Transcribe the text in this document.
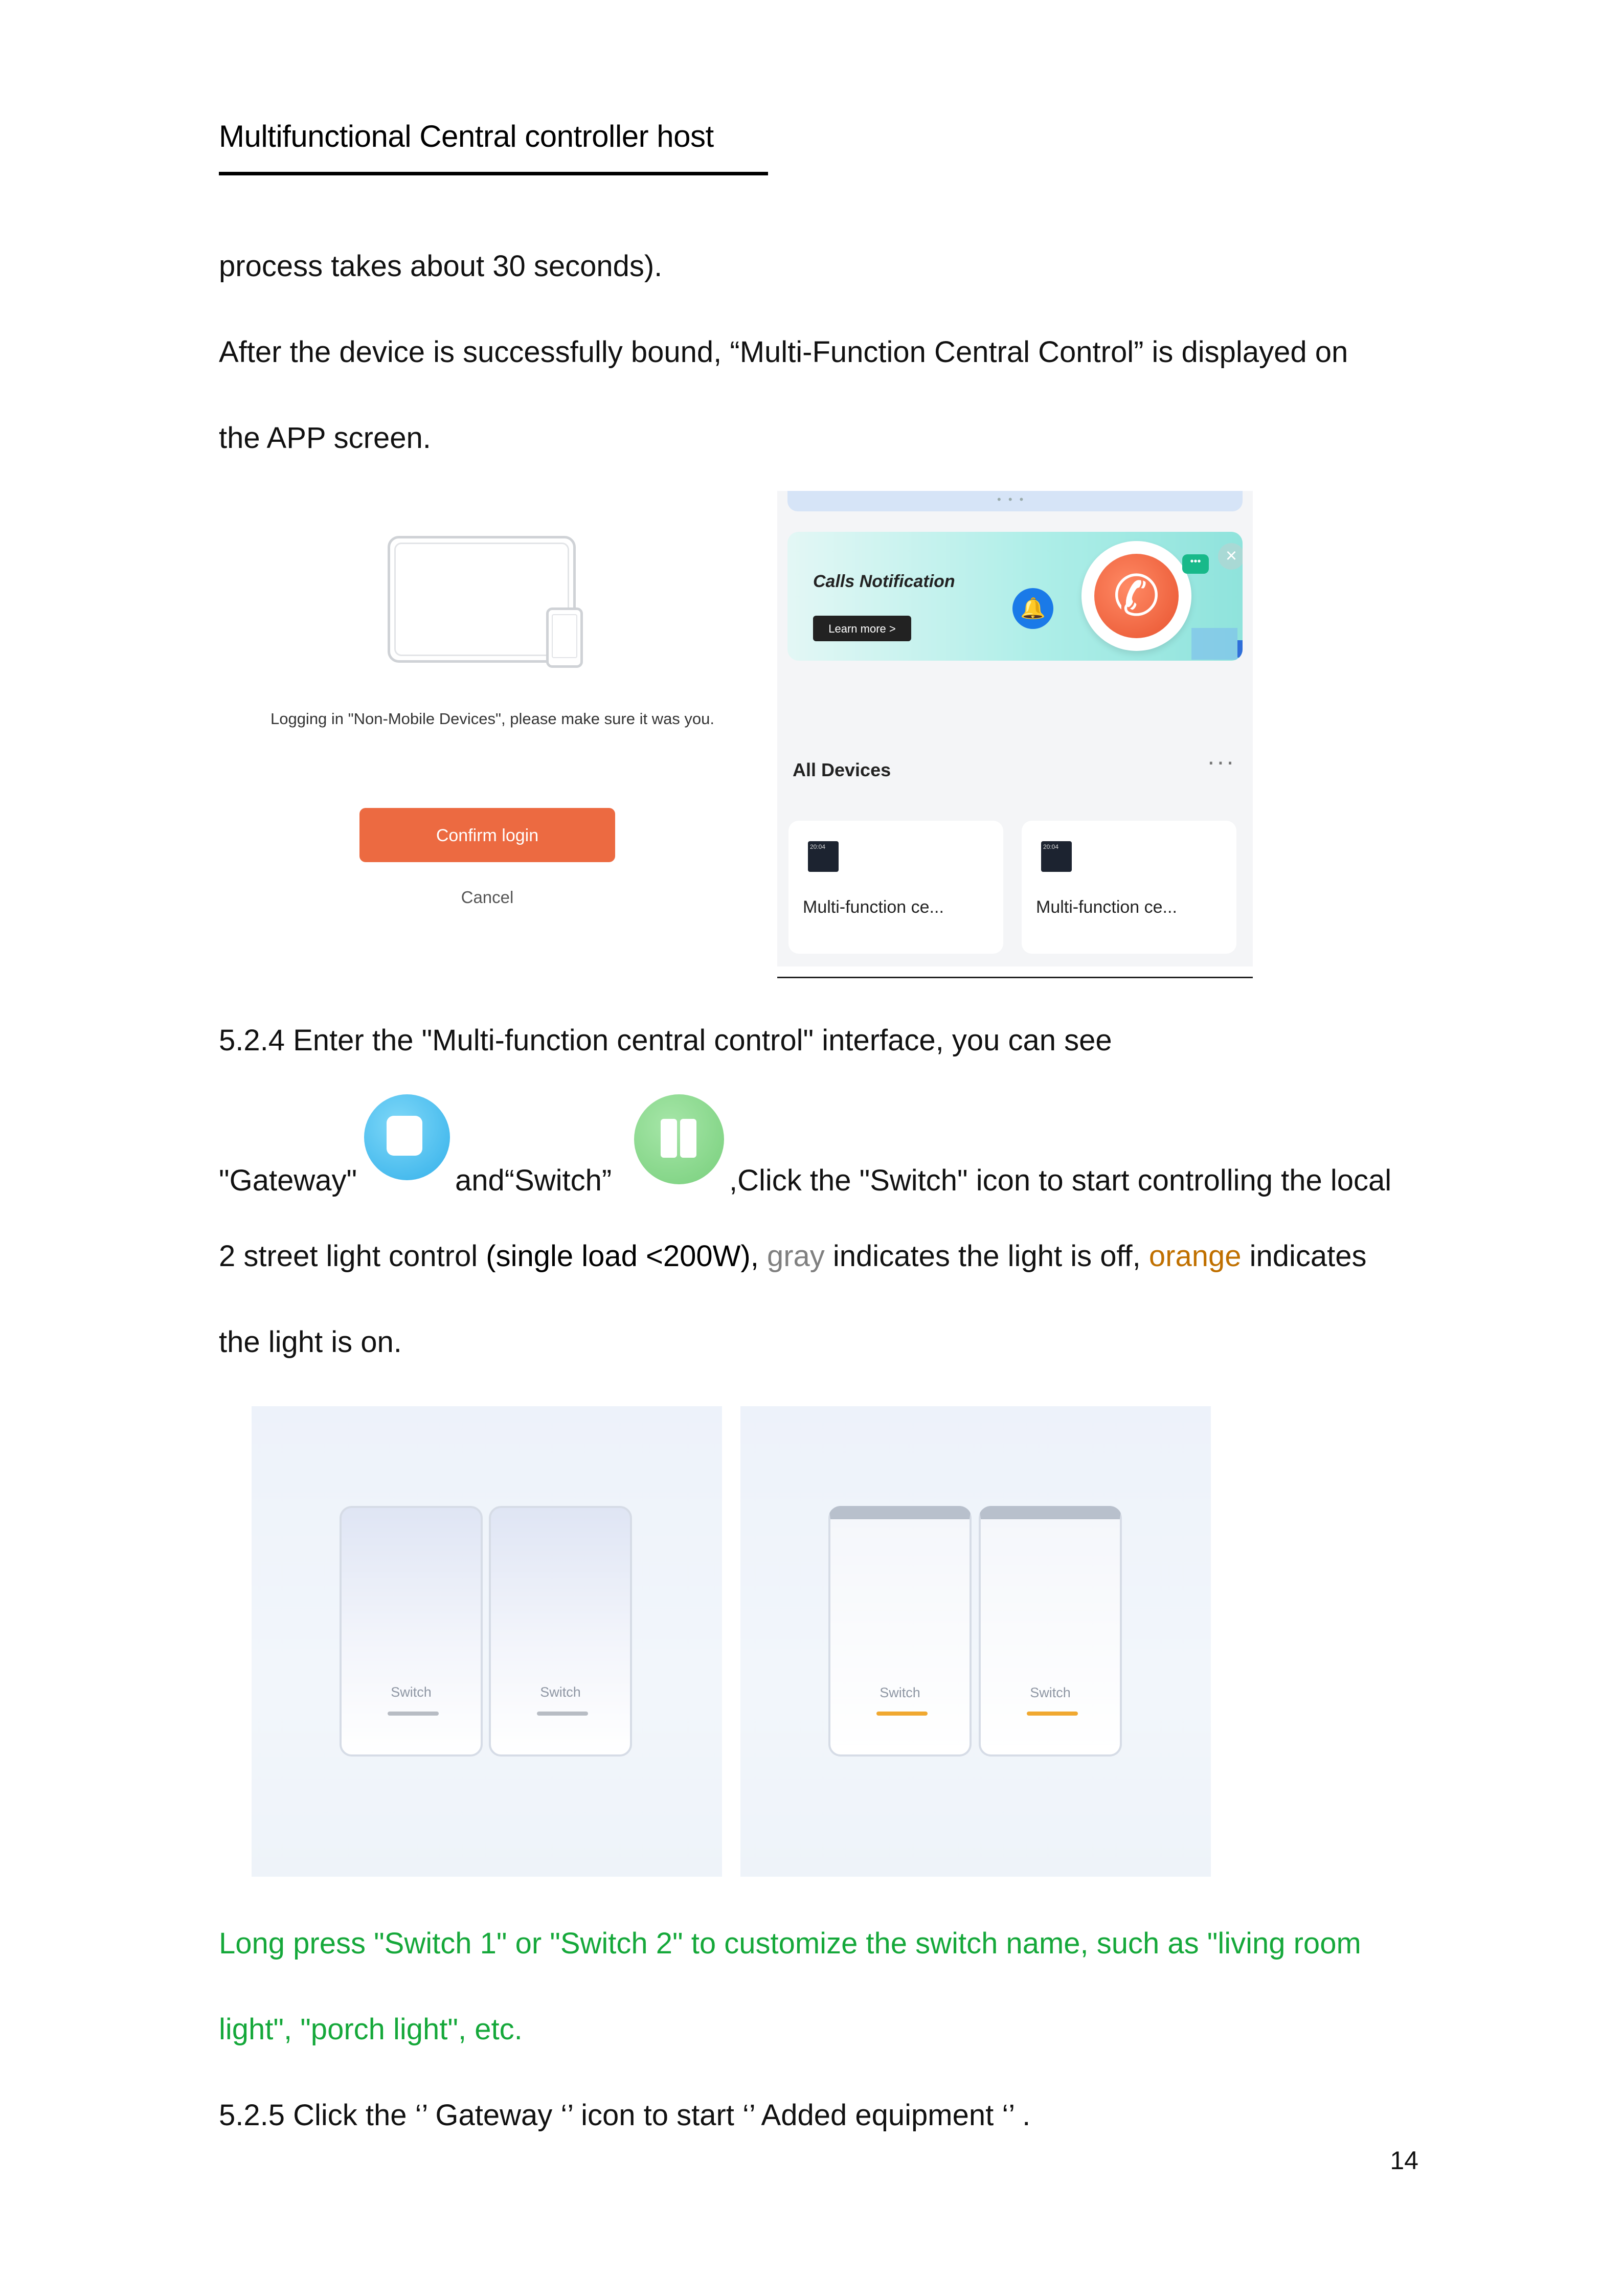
Multifunctional Central controller host
process takes about 30 seconds).
After the device is successfully bound, “Multi-Function Central Control” is displayed on
the APP screen.
Logging in "Non-Mobile Devices", please make sure it was you.
Confirm login
Cancel
• • •
Calls Notification
Learn more >
🔔	✆
•••	×
All Devices	···
20:04
Multi-function ce...
20:04
Multi-function ce...
5.2.4 Enter the "Multi-function central control" interface, you can see
"Gateway"	and“Switch”	,Click the "Switch" icon to start controlling the local
2 street light control (single load <200W), gray indicates the light is off, orange indicates
the light is on.
Switch	Switch	Switch	Switch
Long press "Switch 1" or "Switch 2" to customize the switch name, such as "living room
light", "porch light", etc.
5.2.5 Click the ‘’ Gateway ‘’ icon to start ‘’ Added equipment ‘’ .
14
